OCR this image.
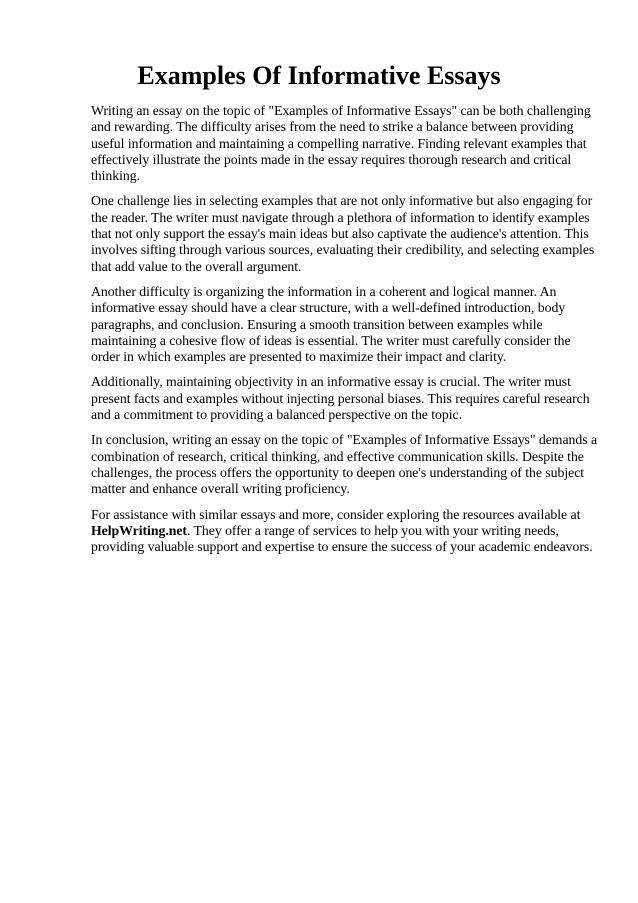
Examples Of Informative Essays

Writing an essay on the topic of "Examples of Informative Essays" can be both challenging and rewarding. The difficulty arises from the need to strike a balance between providing useful information and maintaining a compelling narrative. Finding relevant examples that effectively illustrate the points made in the essay requires thorough research and critical thinking.

One challenge lies in selecting examples that are not only informative but also engaging for the reader. The writer must navigate through a plethora of information to identify examples that not only support the essay's main ideas but also captivate the audience's attention. This involves sifting through various sources, evaluating their credibility, and selecting examples that add value to the overall argument.

Another difficulty is organizing the information in a coherent and logical manner. An informative essay should have a clear structure, with a well-defined introduction, body paragraphs, and conclusion. Ensuring a smooth transition between examples while maintaining a cohesive flow of ideas is essential. The writer must carefully consider the order in which examples are presented to maximize their impact and clarity.

Additionally, maintaining objectivity in an informative essay is crucial. The writer must present facts and examples without injecting personal biases. This requires careful research and a commitment to providing a balanced perspective on the topic.

In conclusion, writing an essay on the topic of "Examples of Informative Essays" demands a combination of research, critical thinking, and effective communication skills. Despite the challenges, the process offers the opportunity to deepen one's understanding of the subject matter and enhance overall writing proficiency.

For assistance with similar essays and more, consider exploring the resources available at HelpWriting.net. They offer a range of services to help you with your writing needs, providing valuable support and expertise to ensure the success of your academic endeavors.
